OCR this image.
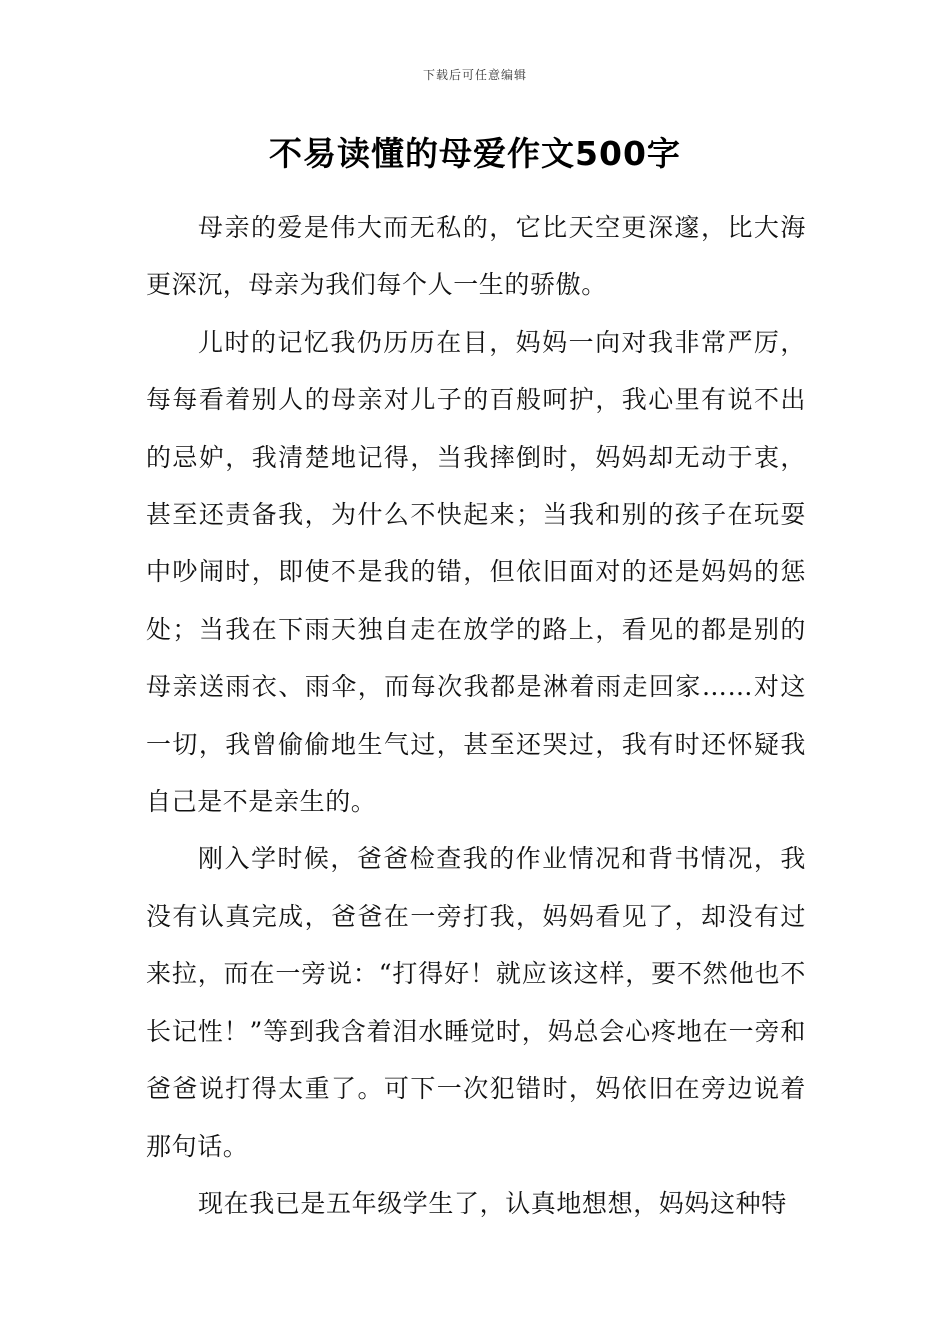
下载后可任意编辑
不易读懂的母爱作文500字

母亲的爱是伟大而无私的，它比天空更深邃，比大海更深沉，母亲为我们每个人一生的骄傲。

儿时的记忆我仍历历在目，妈妈一向对我非常严厉，每每看着别人的母亲对儿子的百般呵护，我心里有说不出的忌妒，我清楚地记得，当我摔倒时，妈妈却无动于衷，甚至还责备我，为什么不快起来；当我和别的孩子在玩耍中吵闹时，即使不是我的错，但依旧面对的还是妈妈的惩处；当我在下雨天独自走在放学的路上，看见的都是别的母亲送雨衣、雨伞，而每次我都是淋着雨走回家……对这一切，我曾偷偷地生气过，甚至还哭过，我有时还怀疑我自己是不是亲生的。

刚入学时候，爸爸检查我的作业情况和背书情况，我没有认真完成，爸爸在一旁打我，妈妈看见了，却没有过来拉，而在一旁说：“打得好！就应该这样，要不然他也不长记性！”等到我含着泪水睡觉时，妈总会心疼地在一旁和爸爸说打得太重了。可下一次犯错时，妈依旧在旁边说着那句话。

现在我已是五年级学生了，认真地想想，妈妈这种特
